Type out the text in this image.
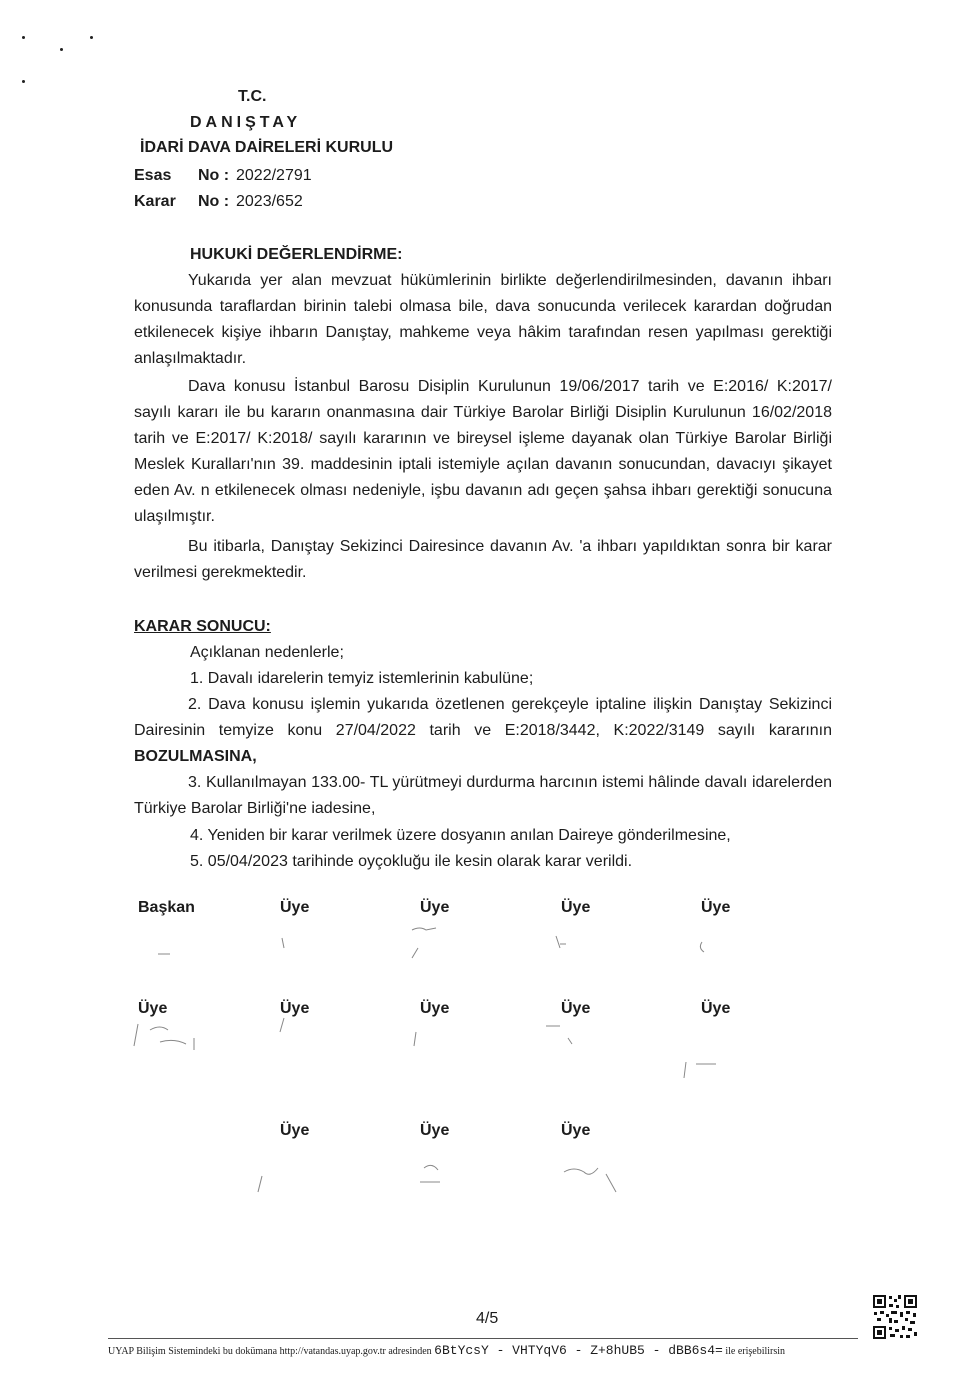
T.C.
DANIŞTAY
İDARİ DAVA DAİRELERİ KURULU
Esas No : 2022/2791
Karar No : 2023/652
HUKUKİ DEĞERLENDİRME:
Yukarıda yer alan mevzuat hükümlerinin birlikte değerlendirilmesinden, davanın ihbarı konusunda taraflardan birinin talebi olmasa bile, dava sonucunda verilecek karardan doğrudan etkilenecek kişiye ihbarın Danıştay, mahkeme veya hâkim tarafından resen yapılması gerektiği anlaşılmaktadır.
Dava konusu İstanbul Barosu Disiplin Kurulunun 19/06/2017 tarih ve E:2016/ K:2017/ sayılı kararı ile bu kararın onanmasına dair Türkiye Barolar Birliği Disiplin Kurulunun 16/02/2018 tarih ve E:2017/ K:2018/ sayılı kararının ve bireysel işleme dayanak olan Türkiye Barolar Birliği Meslek Kuralları'nın 39. maddesinin iptali istemiyle açılan davanın sonucundan, davacıyı şikayet eden Av. n etkilenecek olması nedeniyle, işbu davanın adı geçen şahsa ihbarı gerektiği sonucuna ulaşılmıştır.
Bu itibarla, Danıştay Sekizinci Dairesince davanın Av. 'a ihbarı yapıldıktan sonra bir karar verilmesi gerekmektedir.
KARAR SONUCU:
Açıklanan nedenlerle;
1. Davalı idarelerin temyiz istemlerinin kabulüne;
2. Dava konusu işlemin yukarıda özetlenen gerekçeyle iptaline ilişkin Danıştay Sekizinci Dairesinin temyize konu 27/04/2022 tarih ve E:2018/3442, K:2022/3149 sayılı kararının BOZULMASINA,
3. Kullanılmayan 133.00- TL yürütmeyi durdurma harcının istemi hâlinde davalı idarelerden Türkiye Barolar Birliği'ne iadesine,
4. Yeniden bir karar verilmek üzere dosyanın anılan Daireye gönderilmesine,
5. 05/04/2023 tarihinde oyçokluğu ile kesin olarak karar verildi.
Başkan	Üye	Üye	Üye	Üye
Üye	Üye	Üye	Üye	Üye
Üye	Üye	Üye
4/5
UYAP Bilişim Sistemindeki bu dokümana http://vatandas.uyap.gov.tr adresinden 6BtYcsY - VHTYqV6 - Z+8hUB5 - dBB6s4= ile erişebilirsin
